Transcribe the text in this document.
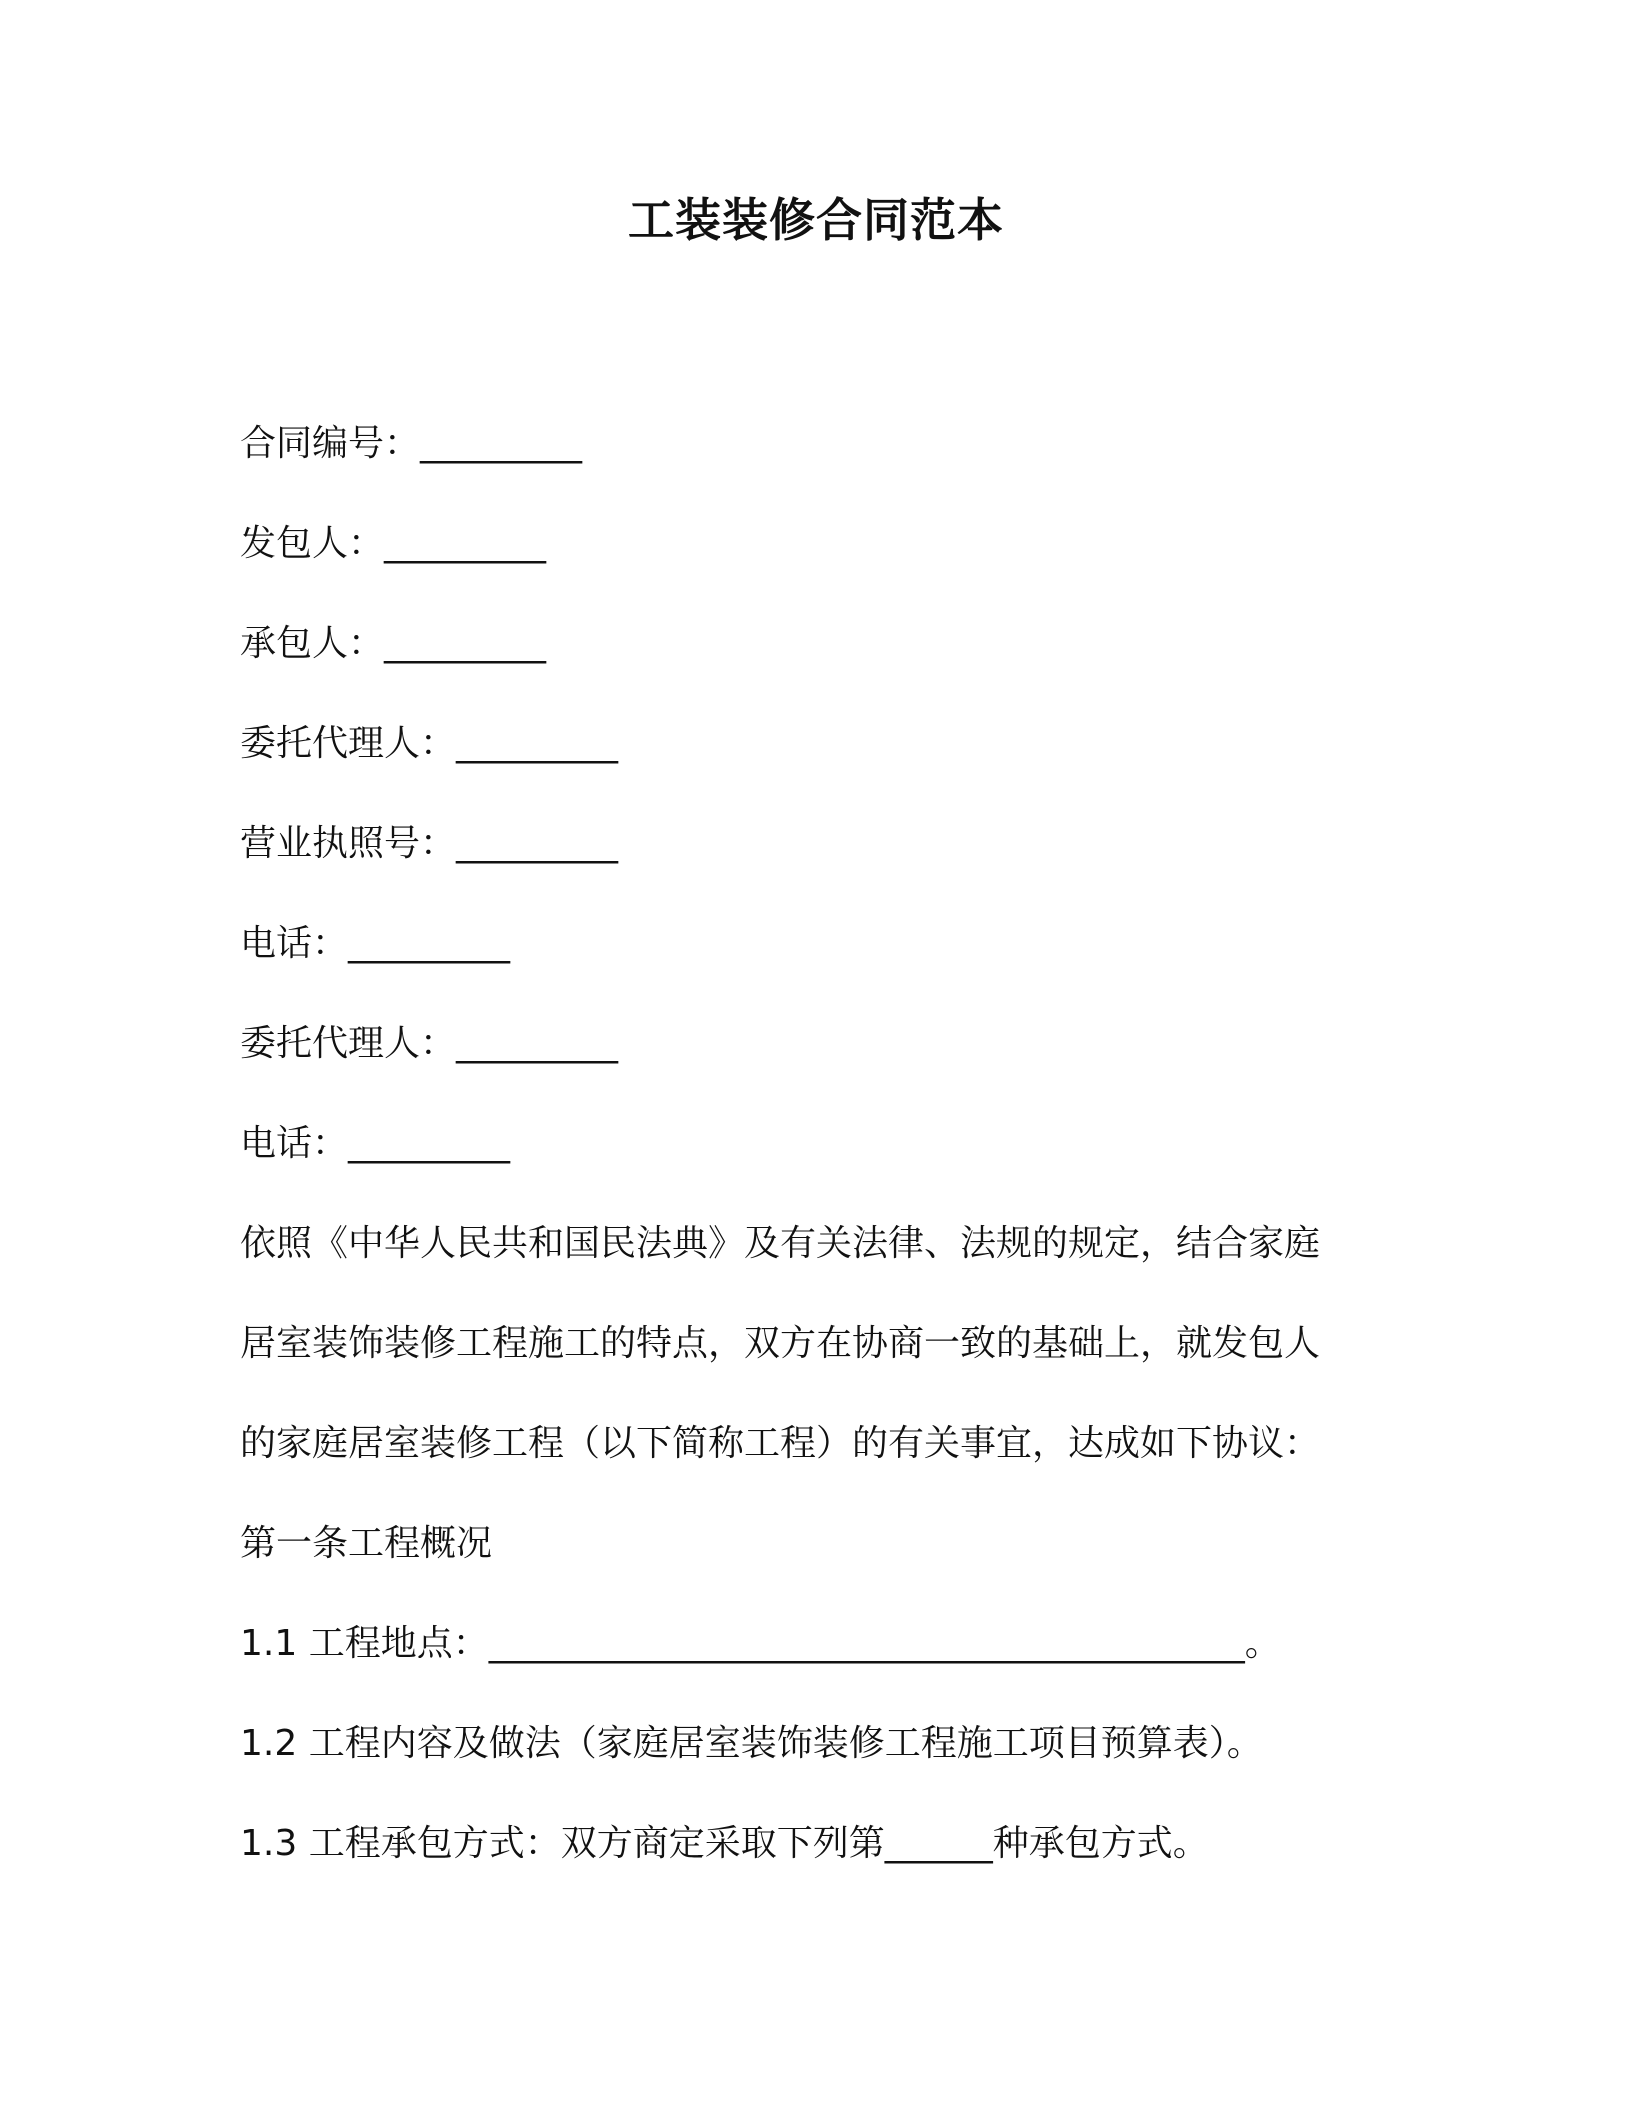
工装装修合同范本
合同编号：_________
发包人：_________
承包人：_________
委托代理人：_________
营业执照号：_________
电话：_________
委托代理人：_________
电话：_________
依照《中华人民共和国民法典》及有关法律、法规的规定，结合家庭
居室装饰装修工程施工的特点，双方在协商一致的基础上，就发包人
的家庭居室装修工程（以下简称工程）的有关事宜，达成如下协议：
第一条工程概况
1.1 工程地点：__________________________________________。
1.2 工程内容及做法（家庭居室装饰装修工程施工项目预算表）。
1.3 工程承包方式：双方商定采取下列第______种承包方式。
